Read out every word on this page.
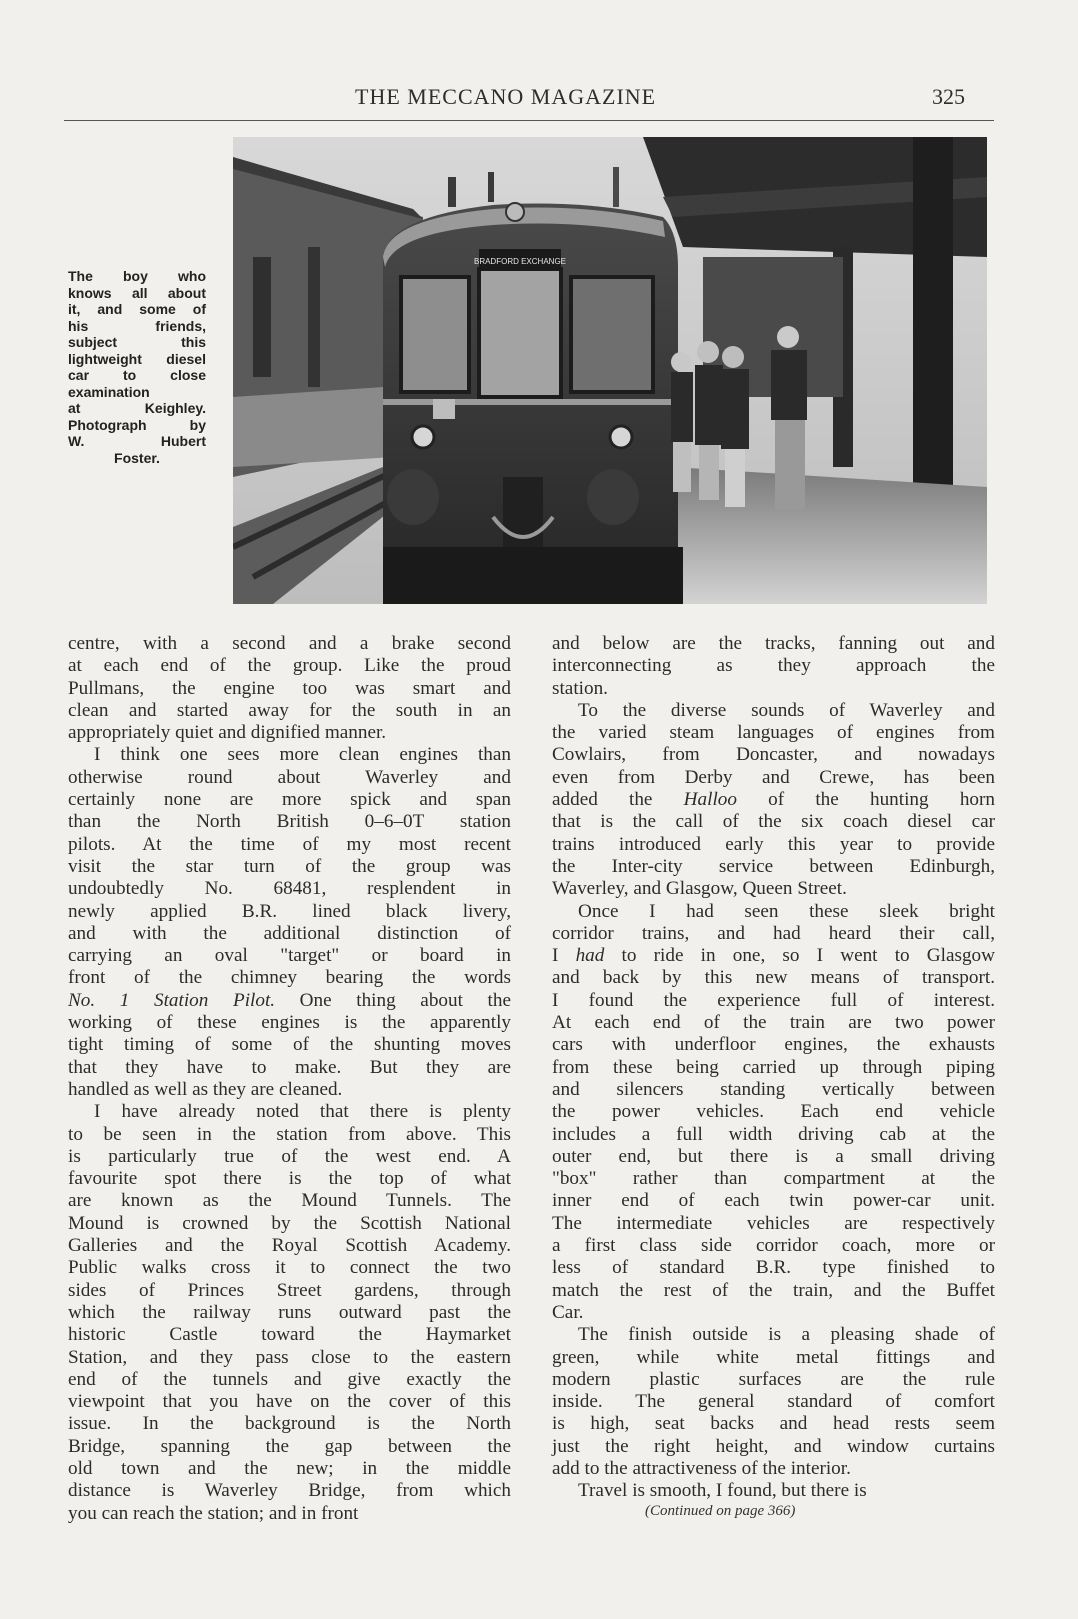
THE MECCANO MAGAZINE	325
The boy who
knows all about
it, and some of
his friends,
subject this
lightweight diesel
car to close
examination
at Keighley.
Photograph by
W. Hubert
Foster.
BRADFORD EXCHANGE
centre, with a second and a brake second
at each end of the group. Like the proud
Pullmans, the engine too was smart and
clean and started away for the south in an
appropriately quiet and dignified manner.
I think one sees more clean engines than
otherwise round about Waverley and
certainly none are more spick and span
than the North British 0–6–0T station
pilots. At the time of my most recent
visit the star turn of the group was
undoubtedly No. 68481, resplendent in
newly applied B.R. lined black livery,
and with the additional distinction of
carrying an oval "target" or board in
front of the chimney bearing the words
No. 1 Station Pilot. One thing about the
working of these engines is the apparently
tight timing of some of the shunting moves
that they have to make. But they are
handled as well as they are cleaned.
I have already noted that there is plenty
to be seen in the station from above. This
is particularly true of the west end. A
favourite spot there is the top of what
are known as the Mound Tunnels. The
Mound is crowned by the Scottish National
Galleries and the Royal Scottish Academy.
Public walks cross it to connect the two
sides of Princes Street gardens, through
which the railway runs outward past the
historic Castle toward the Haymarket
Station, and they pass close to the eastern
end of the tunnels and give exactly the
viewpoint that you have on the cover of this
issue. In the background is the North
Bridge, spanning the gap between the
old town and the new; in the middle
distance is Waverley Bridge, from which
you can reach the station; and in front
and below are the tracks, fanning out and
interconnecting as they approach the
station.
To the diverse sounds of Waverley and
the varied steam languages of engines from
Cowlairs, from Doncaster, and nowadays
even from Derby and Crewe, has been
added the Halloo of the hunting horn
that is the call of the six coach diesel car
trains introduced early this year to provide
the Inter-city service between Edinburgh,
Waverley, and Glasgow, Queen Street.
Once I had seen these sleek bright
corridor trains, and had heard their call,
I had to ride in one, so I went to Glasgow
and back by this new means of transport.
I found the experience full of interest.
At each end of the train are two power
cars with underfloor engines, the exhausts
from these being carried up through piping
and silencers standing vertically between
the power vehicles. Each end vehicle
includes a full width driving cab at the
outer end, but there is a small driving
"box" rather than compartment at the
inner end of each twin power-car unit.
The intermediate vehicles are respectively
a first class side corridor coach, more or
less of standard B.R. type finished to
match the rest of the train, and the Buffet
Car.
The finish outside is a pleasing shade of
green, while white metal fittings and
modern plastic surfaces are the rule
inside. The general standard of comfort
is high, seat backs and head rests seem
just the right height, and window curtains
add to the attractiveness of the interior.
Travel is smooth, I found, but there is
(Continued on page 366)
